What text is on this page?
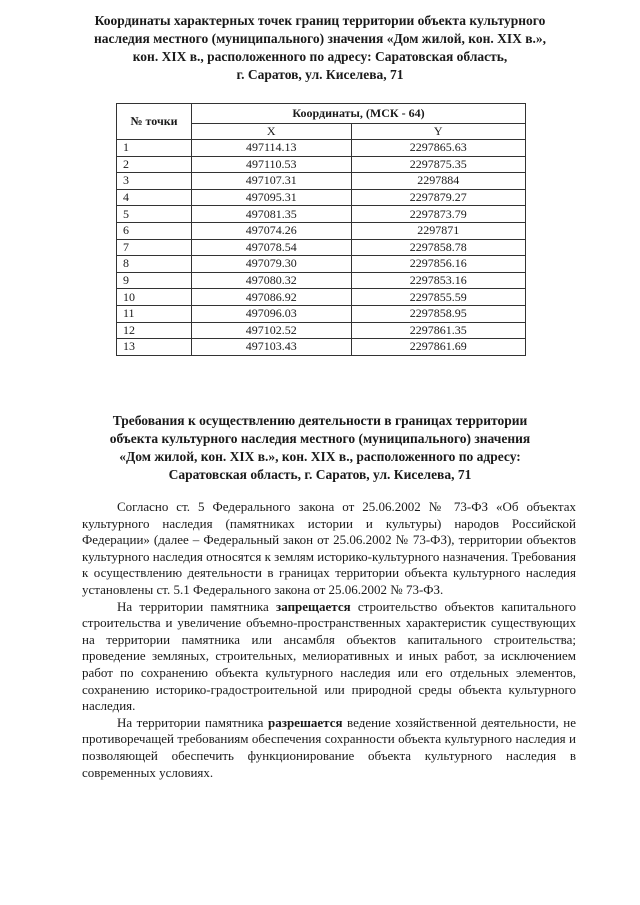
Координаты характерных точек границ территории объекта культурного
наследия местного (муниципального) значения «Дом жилой, кон. XIX в.»,
кон. XIX в., расположенного по адресу: Саратовская область,
г. Саратов, ул. Киселева, 71
№ точки	Координаты, (МСК - 64)	
	X	Y
1	497114.13	2297865.63
2	497110.53	2297875.35
3	497107.31	2297884
4	497095.31	2297879.27
5	497081.35	2297873.79
6	497074.26	2297871
7	497078.54	2297858.78
8	497079.30	2297856.16
9	497080.32	2297853.16
10	497086.92	2297855.59
11	497096.03	2297858.95
12	497102.52	2297861.35
13	497103.43	2297861.69
Требования к осуществлению деятельности в границах территории
объекта культурного наследия местного (муниципального) значения
«Дом жилой, кон. XIX в.», кон. XIX в., расположенного по адресу:
Саратовская область, г. Саратов, ул. Киселева, 71

Согласно ст. 5 Федерального закона от 25.06.2002 № 73-ФЗ «Об объектах культурного наследия (памятниках истории и культуры) народов Российской Федерации» (далее – Федеральный закон от 25.06.2002 № 73-ФЗ), территории объектов культурного наследия относятся к землям историко-культурного назначения. Требования к осуществлению деятельности в границах территории объекта культурного наследия установлены ст. 5.1 Федерального закона от 25.06.2002 № 73-ФЗ.

На территории памятника запрещается строительство объектов капитального строительства и увеличение объемно-пространственных характеристик существующих на территории памятника или ансамбля объектов капитального строительства; проведение земляных, строительных, мелиоративных и иных работ, за исключением работ по сохранению объекта культурного наследия или его отдельных элементов, сохранению историко-градостроительной или природной среды объекта культурного наследия.

На территории памятника разрешается ведение хозяйственной деятельности, не противоречащей требованиям обеспечения сохранности объекта культурного наследия и позволяющей обеспечить функционирование объекта культурного наследия в современных условиях.
